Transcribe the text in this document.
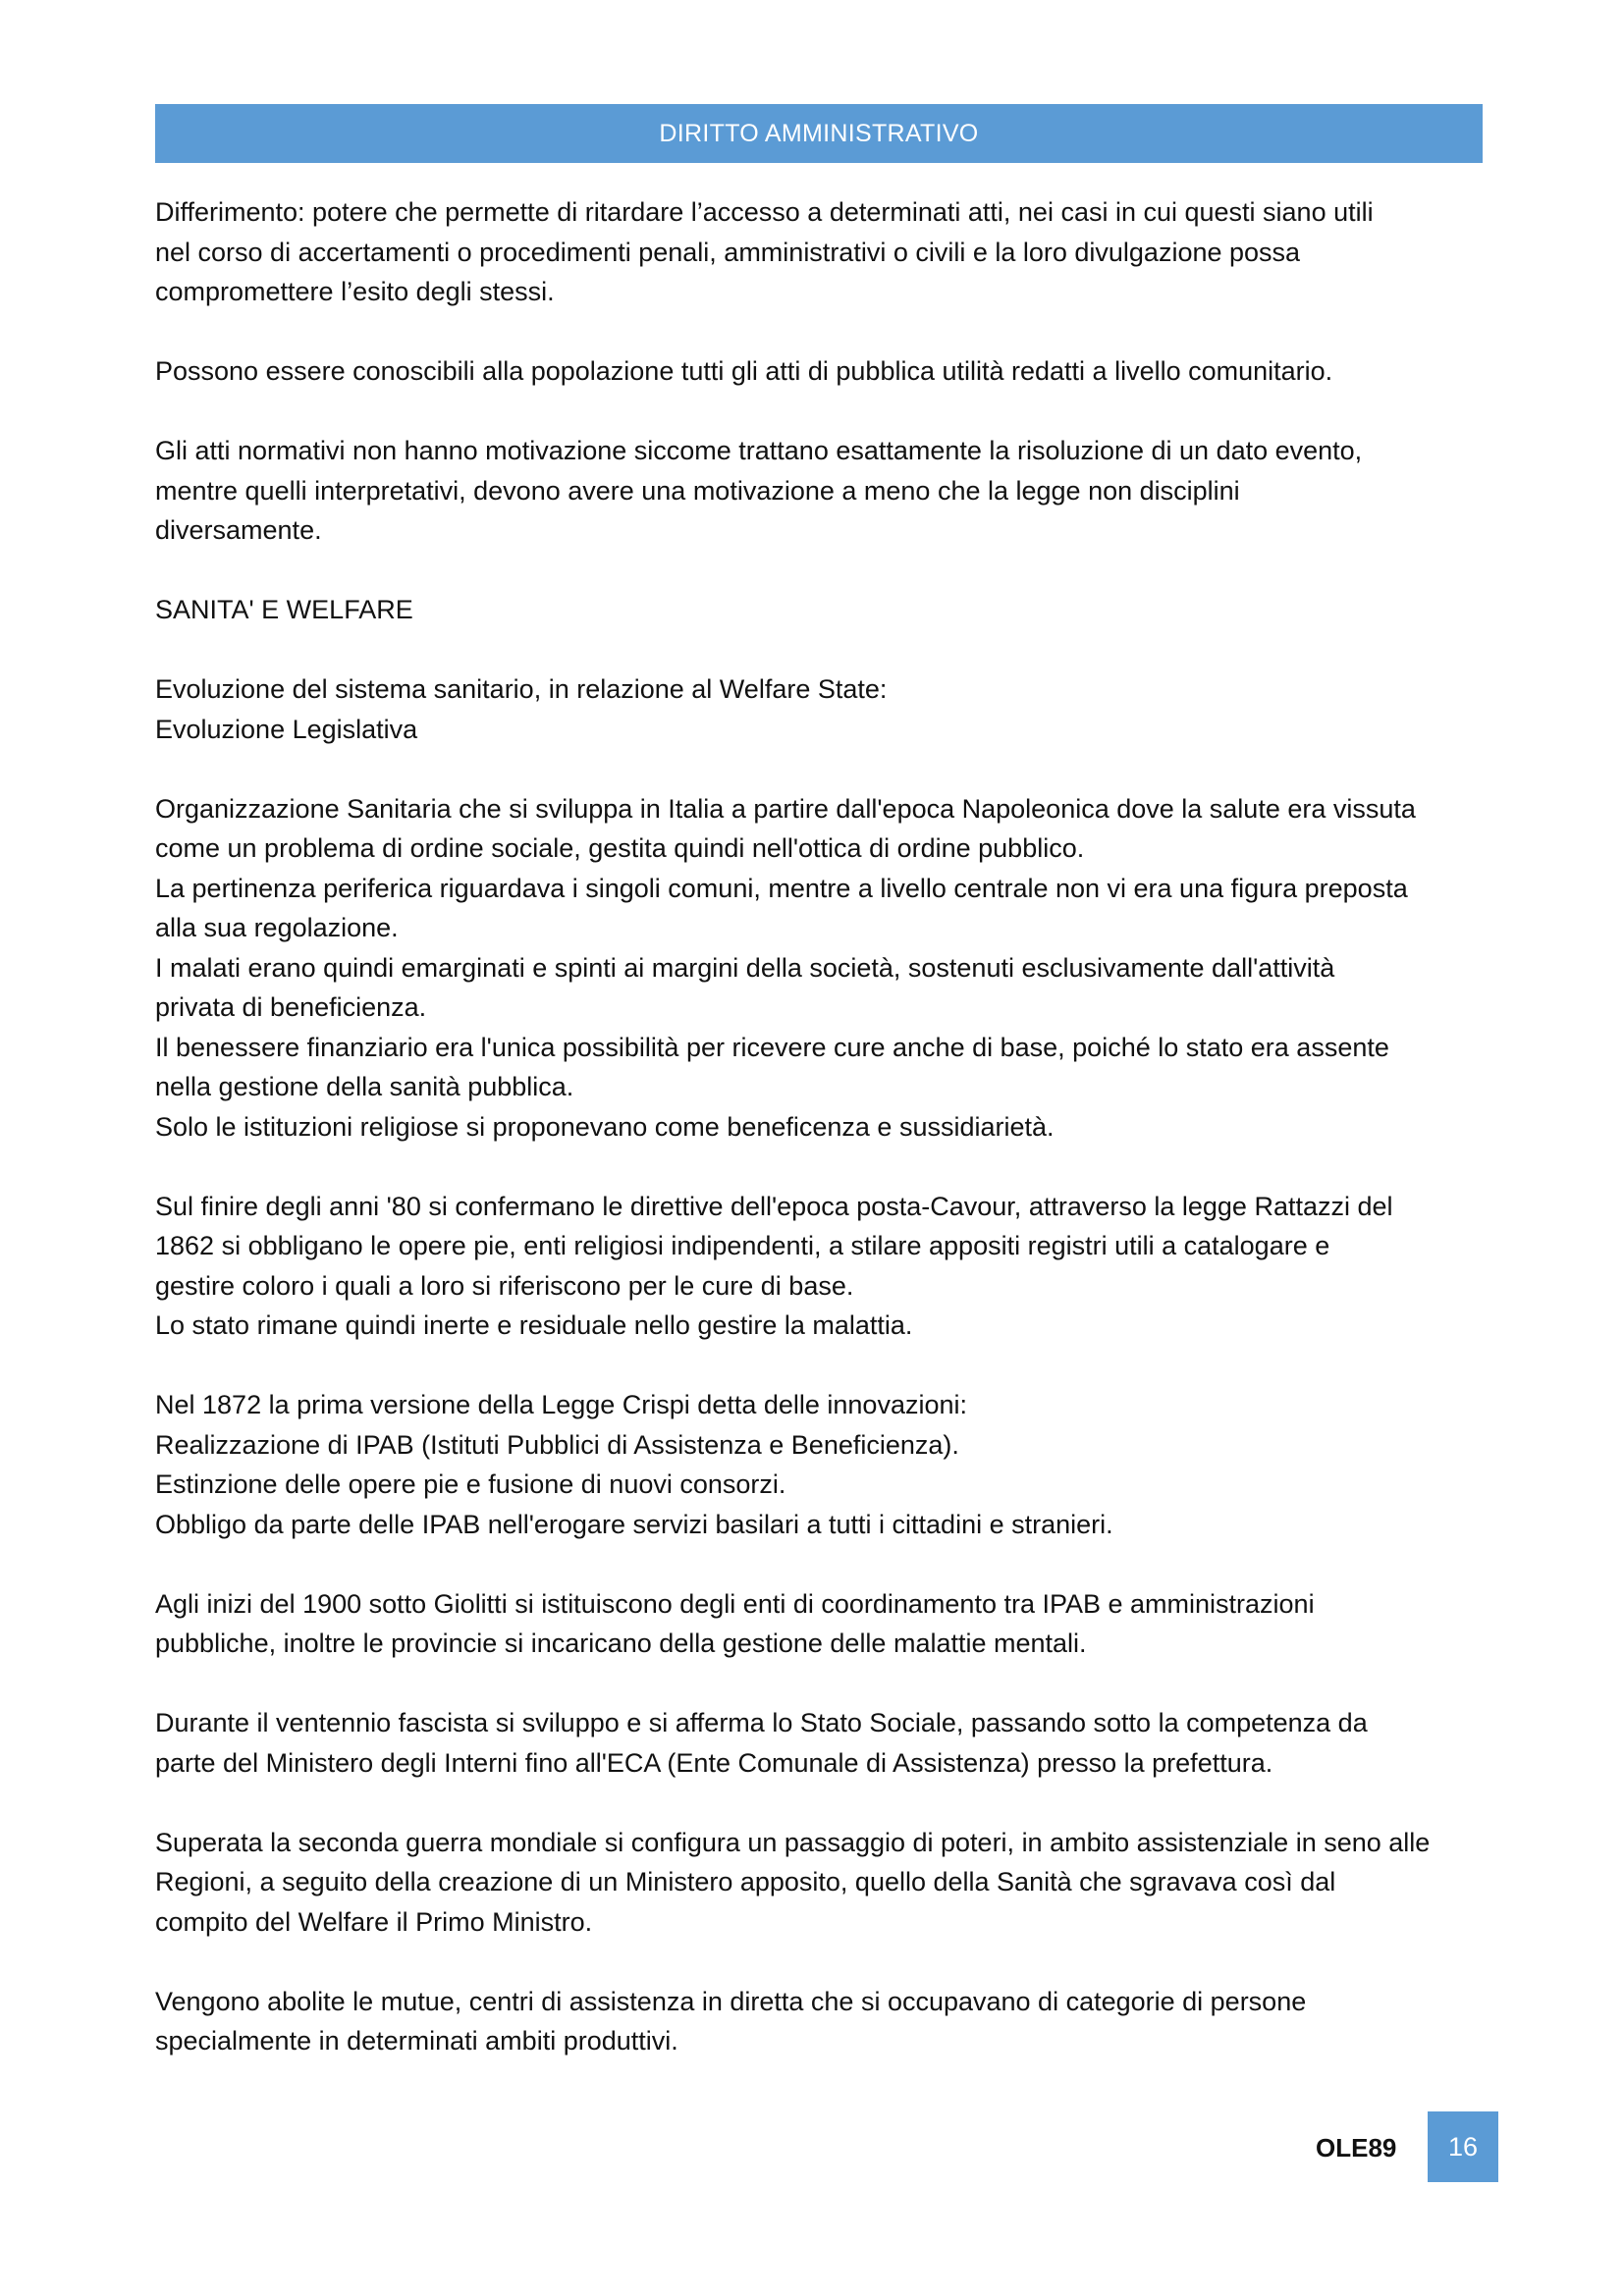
DIRITTO AMMINISTRATIVO

Differimento: potere che permette di ritardare l’accesso a determinati atti, nei casi in cui questi siano utili
nel corso di accertamenti o procedimenti penali, amministrativi o civili e la loro divulgazione possa
compromettere l’esito degli stessi.

Possono essere conoscibili alla popolazione tutti gli atti di pubblica utilità redatti a livello comunitario.

Gli atti normativi non hanno motivazione siccome trattano esattamente la risoluzione di un dato evento,
mentre quelli interpretativi, devono avere una motivazione a meno che la legge non disciplini
diversamente.

SANITA' E WELFARE

Evoluzione del sistema sanitario, in relazione al Welfare State:
Evoluzione Legislativa

Organizzazione Sanitaria che si sviluppa in Italia a partire dall'epoca Napoleonica dove la salute era vissuta
come un problema di ordine sociale, gestita quindi nell'ottica di ordine pubblico.
La pertinenza periferica riguardava i singoli comuni, mentre a livello centrale non vi era una figura preposta
alla sua regolazione.
I malati erano quindi emarginati e spinti ai margini della società, sostenuti esclusivamente dall'attività
privata di beneficienza.
Il benessere finanziario era l'unica possibilità per ricevere cure anche di base, poiché lo stato era assente
nella gestione della sanità pubblica.
Solo le istituzioni religiose si proponevano come beneficenza e sussidiarietà.

Sul finire degli anni '80 si confermano le direttive dell'epoca posta-Cavour, attraverso la legge Rattazzi del
1862 si obbligano le opere pie, enti religiosi indipendenti, a stilare appositi registri utili a catalogare e
gestire coloro i quali a loro si riferiscono per le cure di base.
Lo stato rimane quindi inerte e residuale nello gestire la malattia.

Nel 1872 la prima versione della Legge Crispi detta delle innovazioni:
Realizzazione di IPAB (Istituti Pubblici di Assistenza e Beneficienza).
Estinzione delle opere pie e fusione di nuovi consorzi.
Obbligo da parte delle IPAB nell'erogare servizi basilari a tutti i cittadini e stranieri.

Agli inizi del 1900 sotto Giolitti si istituiscono degli enti di coordinamento tra IPAB e amministrazioni
pubbliche, inoltre le provincie si incaricano della gestione delle malattie mentali.

Durante il ventennio fascista si sviluppo e si afferma lo Stato Sociale, passando sotto la competenza da
parte del Ministero degli Interni fino all'ECA (Ente Comunale di Assistenza) presso la prefettura.

Superata la seconda guerra mondiale si configura un passaggio di poteri, in ambito assistenziale in seno alle
Regioni, a seguito della creazione di un Ministero apposito, quello della Sanità che sgravava così dal
compito del Welfare il Primo Ministro.

Vengono abolite le mutue, centri di assistenza in diretta che si occupavano di categorie di persone
specialmente in determinati ambiti produttivi.

OLE89	16
